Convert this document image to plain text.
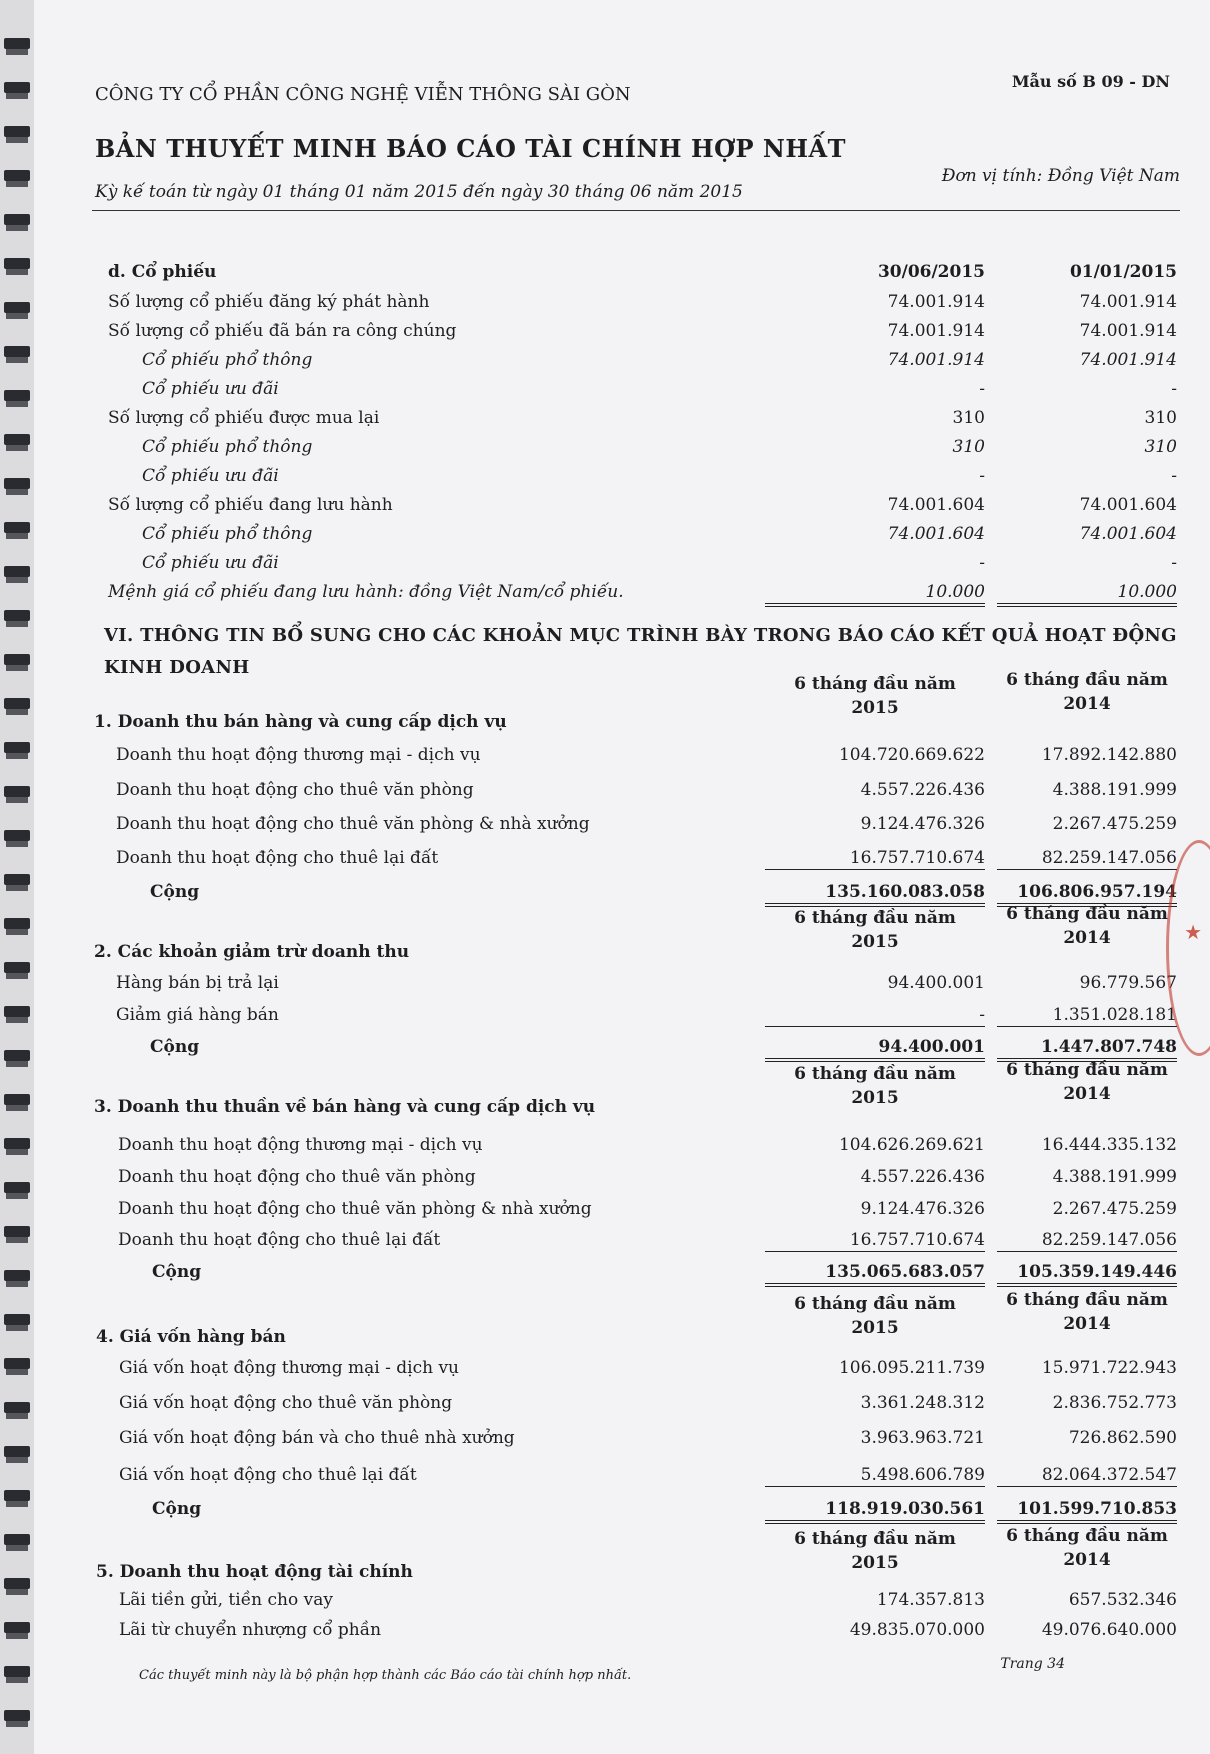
CÔNG TY CỔ PHẦN CÔNG NGHỆ VIỄN THÔNG SÀI GÒN
Mẫu số B 09 - DN
BẢN THUYẾT MINH BÁO CÁO TÀI CHÍNH HỢP NHẤT
Kỳ kế toán từ ngày 01 tháng 01 năm 2015 đến ngày 30 tháng 06 năm 2015
Đơn vị tính: Đồng Việt Nam
d. Cổ phiếu	30/06/2015	01/01/2015
Số lượng cổ phiếu đăng ký phát hành	74.001.914	74.001.914
Số lượng cổ phiếu đã bán ra công chúng	74.001.914	74.001.914
Cổ phiếu phổ thông	74.001.914	74.001.914
Cổ phiếu ưu đãi	-	-
Số lượng cổ phiếu được mua lại	310	310
Cổ phiếu phổ thông	310	310
Cổ phiếu ưu đãi	-	-
Số lượng cổ phiếu đang lưu hành	74.001.604	74.001.604
Cổ phiếu phổ thông	74.001.604	74.001.604
Cổ phiếu ưu đãi	-	-
Mệnh giá cổ phiếu đang lưu hành: đồng Việt Nam/cổ phiếu.	10.000	10.000
VI. THÔNG TIN BỔ SUNG CHO CÁC KHOẢN MỤC TRÌNH BÀY TRONG BÁO CÁO KẾT QUẢ HOẠT ĐỘNG KINH DOANH
6 tháng đầu năm
2015
6 tháng đầu năm
2014
1. Doanh thu bán hàng và cung cấp dịch vụ
Doanh thu hoạt động thương mại - dịch vụ	104.720.669.622	17.892.142.880
Doanh thu hoạt động cho thuê văn phòng	4.557.226.436	4.388.191.999
Doanh thu hoạt động cho thuê văn phòng & nhà xưởng	9.124.476.326	2.267.475.259
Doanh thu hoạt động cho thuê lại đất	16.757.710.674	82.259.147.056
Cộng	135.160.083.058	106.806.957.194
6 tháng đầu năm
2015
6 tháng đầu năm
2014
2. Các khoản giảm trừ doanh thu
Hàng bán bị trả lại	94.400.001	96.779.567
Giảm giá hàng bán	-	1.351.028.181
Cộng	94.400.001	1.447.807.748
6 tháng đầu năm
2015
6 tháng đầu năm
2014
3. Doanh thu thuần về bán hàng và cung cấp dịch vụ
Doanh thu hoạt động thương mại - dịch vụ	104.626.269.621	16.444.335.132
Doanh thu hoạt động cho thuê văn phòng	4.557.226.436	4.388.191.999
Doanh thu hoạt động cho thuê văn phòng & nhà xưởng	9.124.476.326	2.267.475.259
Doanh thu hoạt động cho thuê lại đất	16.757.710.674	82.259.147.056
Cộng	135.065.683.057	105.359.149.446
6 tháng đầu năm
2015
6 tháng đầu năm
2014
4. Giá vốn hàng bán
Giá vốn hoạt động thương mại - dịch vụ	106.095.211.739	15.971.722.943
Giá vốn hoạt động cho thuê văn phòng	3.361.248.312	2.836.752.773
Giá vốn hoạt động bán và cho thuê nhà xưởng	3.963.963.721	726.862.590
Giá vốn hoạt động cho thuê lại đất	5.498.606.789	82.064.372.547
Cộng	118.919.030.561	101.599.710.853
6 tháng đầu năm
2015
6 tháng đầu năm
2014
5. Doanh thu hoạt động tài chính
Lãi tiền gửi, tiền cho vay	174.357.813	657.532.346
Lãi từ chuyển nhượng cổ phần	49.835.070.000	49.076.640.000
Các thuyết minh này là bộ phận hợp thành các Báo cáo tài chính hợp nhất.
Trang 34
★
